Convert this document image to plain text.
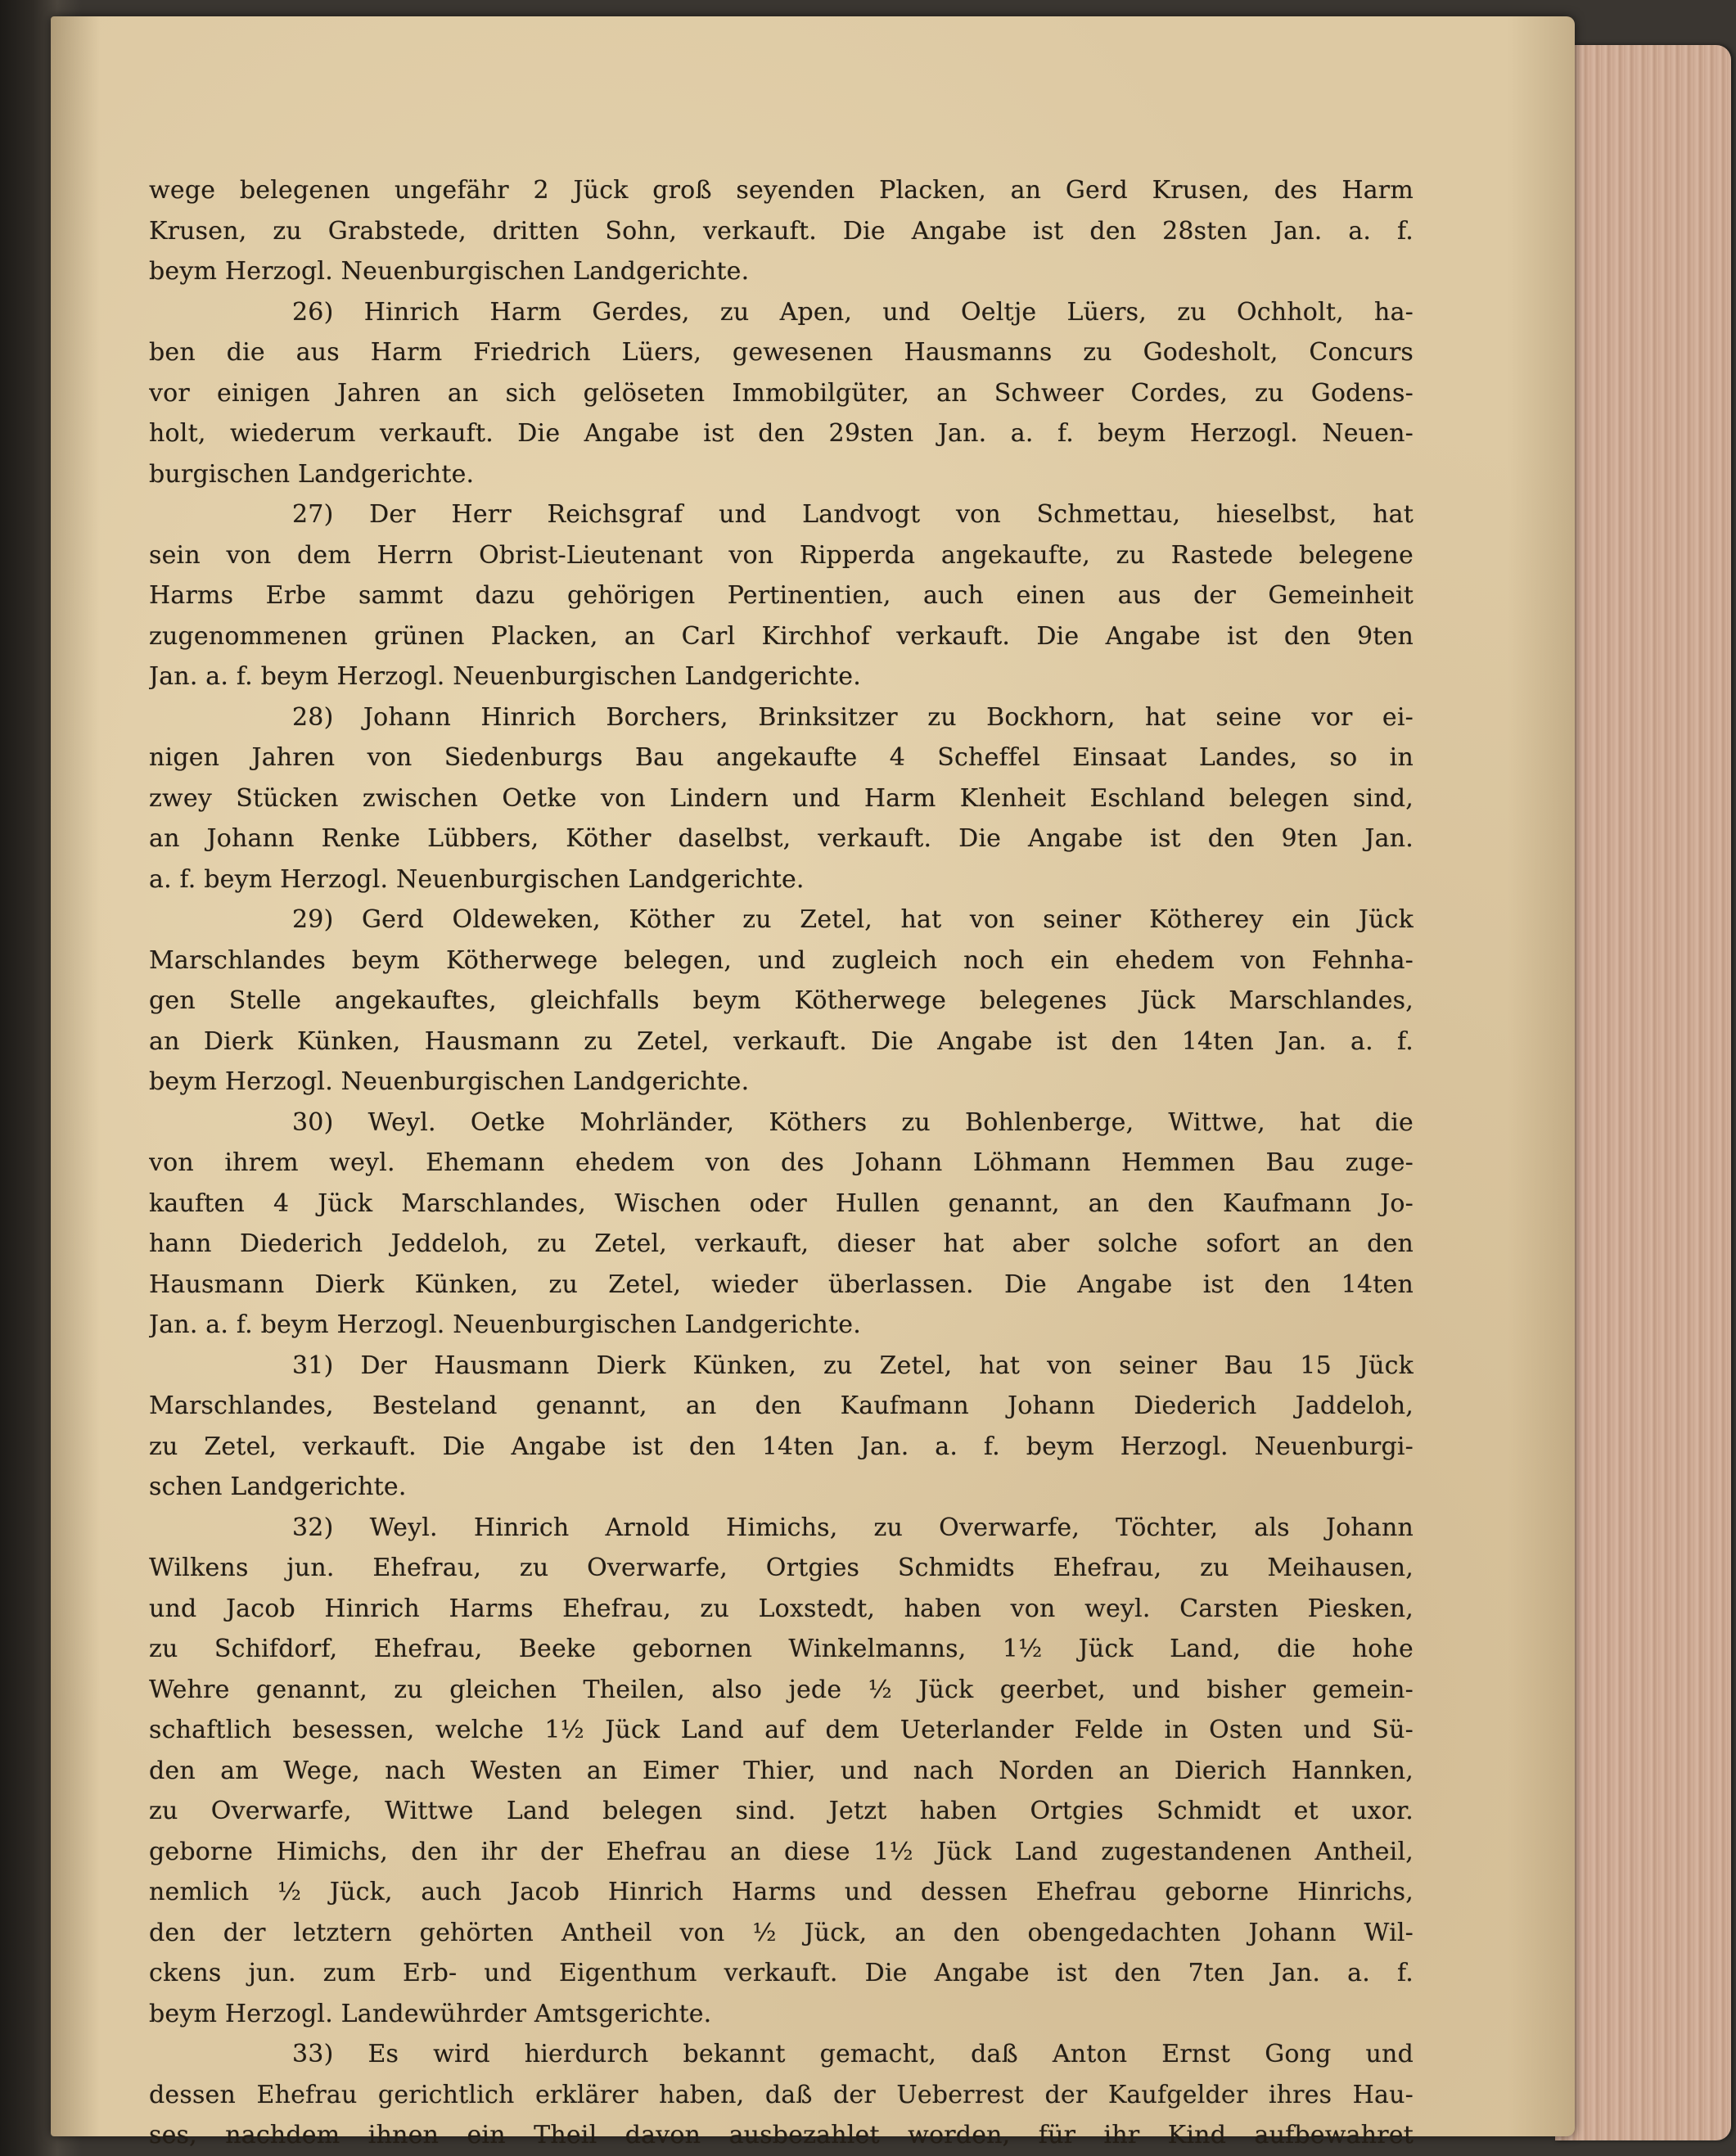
wege belegenen ungefähr 2 Jück groß seyenden Placken, an Gerd Krusen, des Harm
Krusen, zu Grabstede, dritten Sohn, verkauft. Die Angabe ist den 28sten Jan. a. f.
beym Herzogl. Neuenburgischen Landgerichte.
26) Hinrich Harm Gerdes, zu Apen, und Oeltje Lüers, zu Ochholt, ha-
ben die aus Harm Friedrich Lüers, gewesenen Hausmanns zu Godesholt, Concurs
vor einigen Jahren an sich gelöseten Immobilgüter, an Schweer Cordes, zu Godens-
holt, wiederum verkauft. Die Angabe ist den 29sten Jan. a. f. beym Herzogl. Neuen-
burgischen Landgerichte.
27) Der Herr Reichsgraf und Landvogt von Schmettau, hieselbst, hat
sein von dem Herrn Obrist-Lieutenant von Ripperda angekaufte, zu Rastede belegene
Harms Erbe sammt dazu gehörigen Pertinentien, auch einen aus der Gemeinheit
zugenommenen grünen Placken, an Carl Kirchhof verkauft. Die Angabe ist den 9ten
Jan. a. f. beym Herzogl. Neuenburgischen Landgerichte.
28) Johann Hinrich Borchers, Brinksitzer zu Bockhorn, hat seine vor ei-
nigen Jahren von Siedenburgs Bau angekaufte 4 Scheffel Einsaat Landes, so in
zwey Stücken zwischen Oetke von Lindern und Harm Klenheit Eschland belegen sind,
an Johann Renke Lübbers, Köther daselbst, verkauft. Die Angabe ist den 9ten Jan.
a. f. beym Herzogl. Neuenburgischen Landgerichte.
29) Gerd Oldeweken, Köther zu Zetel, hat von seiner Kötherey ein Jück
Marschlandes beym Kötherwege belegen, und zugleich noch ein ehedem von Fehnha-
gen Stelle angekauftes, gleichfalls beym Kötherwege belegenes Jück Marschlandes,
an Dierk Künken, Hausmann zu Zetel, verkauft. Die Angabe ist den 14ten Jan. a. f.
beym Herzogl. Neuenburgischen Landgerichte.
30) Weyl. Oetke Mohrländer, Köthers zu Bohlenberge, Wittwe, hat die
von ihrem weyl. Ehemann ehedem von des Johann Löhmann Hemmen Bau zuge-
kauften 4 Jück Marschlandes, Wischen oder Hullen genannt, an den Kaufmann Jo-
hann Diederich Jeddeloh, zu Zetel, verkauft, dieser hat aber solche sofort an den
Hausmann Dierk Künken, zu Zetel, wieder überlassen. Die Angabe ist den 14ten
Jan. a. f. beym Herzogl. Neuenburgischen Landgerichte.
31) Der Hausmann Dierk Künken, zu Zetel, hat von seiner Bau 15 Jück
Marschlandes, Besteland genannt, an den Kaufmann Johann Diederich Jaddeloh,
zu Zetel, verkauft. Die Angabe ist den 14ten Jan. a. f. beym Herzogl. Neuenburgi-
schen Landgerichte.
32) Weyl. Hinrich Arnold Himichs, zu Overwarfe, Töchter, als Johann
Wilkens jun. Ehefrau, zu Overwarfe, Ortgies Schmidts Ehefrau, zu Meihausen,
und Jacob Hinrich Harms Ehefrau, zu Loxstedt, haben von weyl. Carsten Piesken,
zu Schifdorf, Ehefrau, Beeke gebornen Winkelmanns, 1½ Jück Land, die hohe
Wehre genannt, zu gleichen Theilen, also jede ½ Jück geerbet, und bisher gemein-
schaftlich besessen, welche 1½ Jück Land auf dem Ueterlander Felde in Osten und Sü-
den am Wege, nach Westen an Eimer Thier, und nach Norden an Dierich Hannken,
zu Overwarfe, Wittwe Land belegen sind. Jetzt haben Ortgies Schmidt et uxor.
geborne Himichs, den ihr der Ehefrau an diese 1½ Jück Land zugestandenen Antheil,
nemlich ½ Jück, auch Jacob Hinrich Harms und dessen Ehefrau geborne Hinrichs,
den der letztern gehörten Antheil von ½ Jück, an den obengedachten Johann Wil-
ckens jun. zum Erb- und Eigenthum verkauft. Die Angabe ist den 7ten Jan. a. f.
beym Herzogl. Landewührder Amtsgerichte.
33) Es wird hierdurch bekannt gemacht, daß Anton Ernst Gong und
dessen Ehefrau gerichtlich erklärer haben, daß der Ueberrest der Kaufgelder ihres Hau-
ses, nachdem ihnen ein Theil davon ausbezahlet worden, für ihr Kind aufbewahret
